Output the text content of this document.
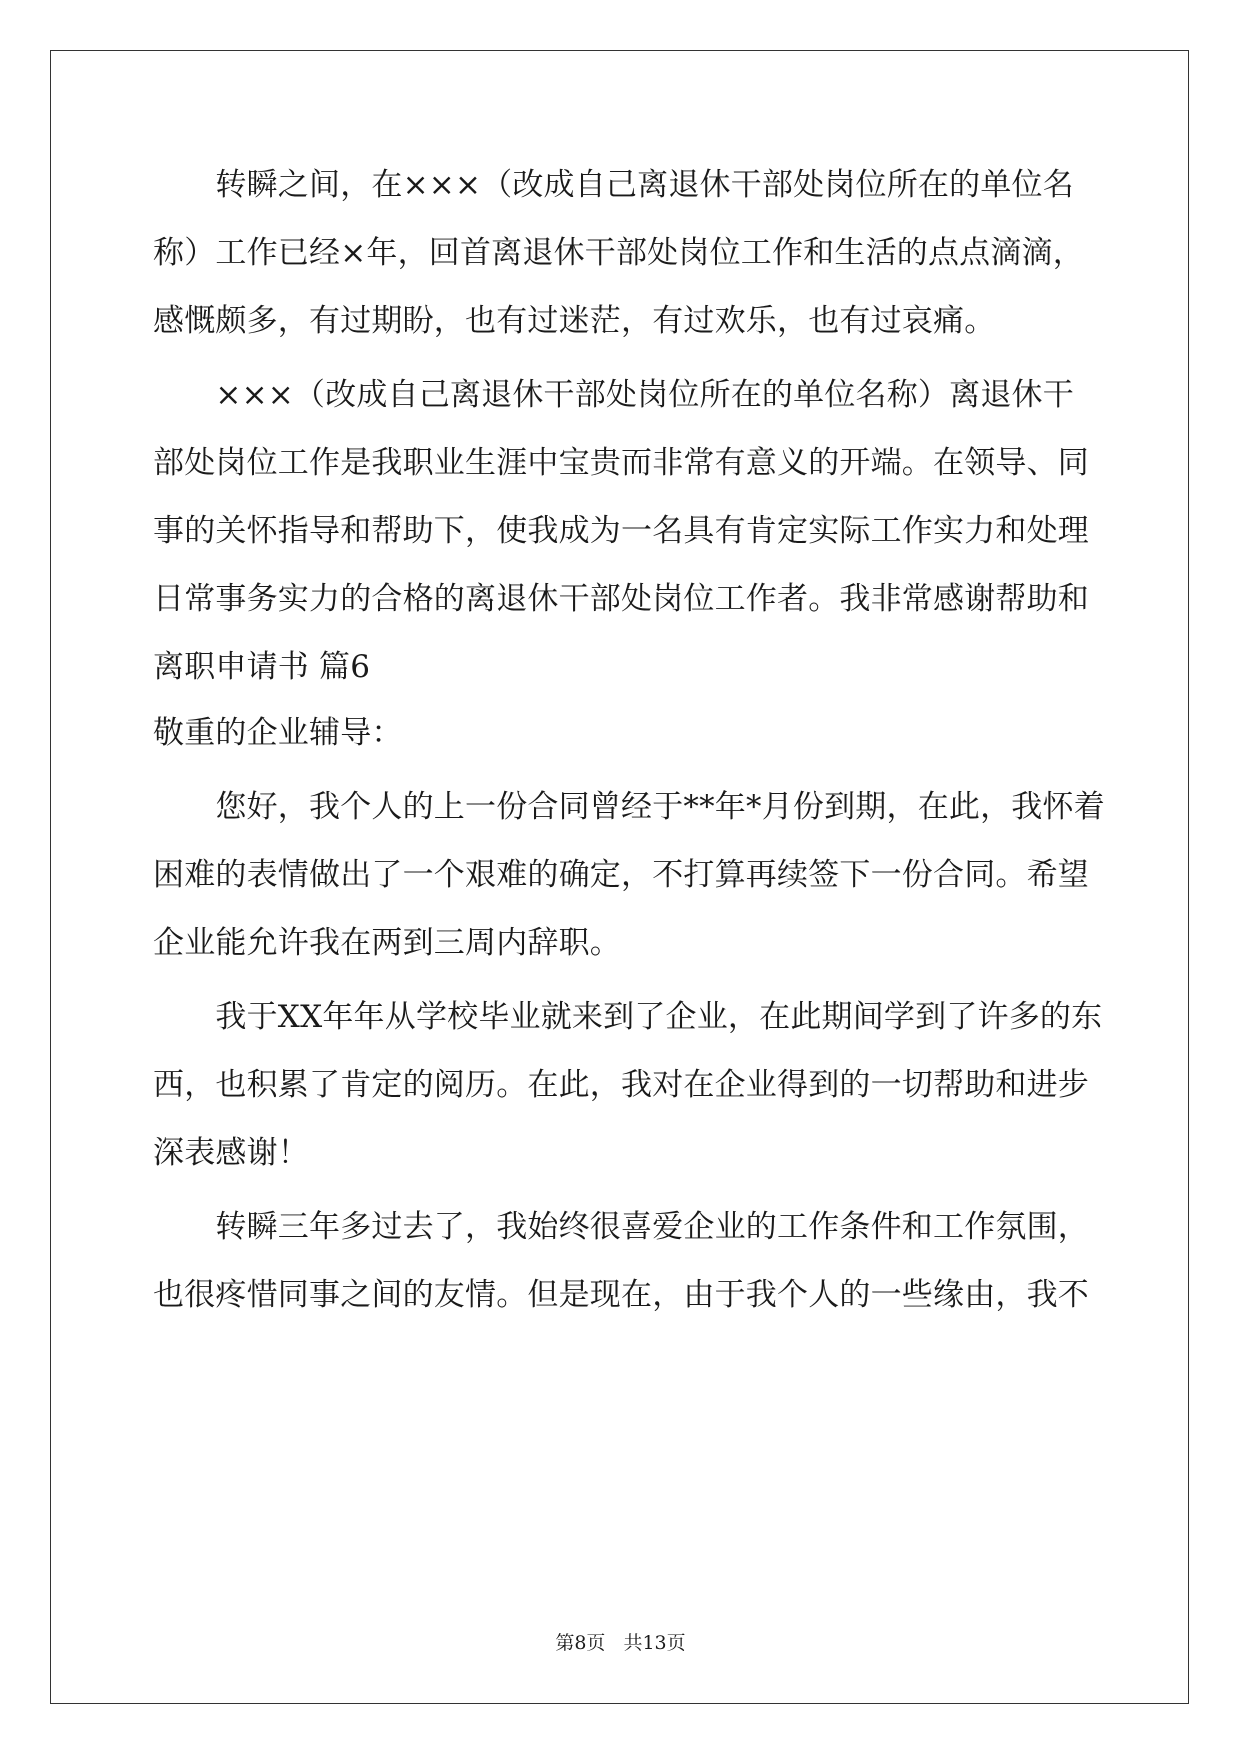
　　转瞬之间，在×××（改成自己离退休干部处岗位所在的单位名
称）工作已经×年，回首离退休干部处岗位工作和生活的点点滴滴，
感慨颇多，有过期盼，也有过迷茫，有过欢乐，也有过哀痛。
　　×××（改成自己离退休干部处岗位所在的单位名称）离退休干
部处岗位工作是我职业生涯中宝贵而非常有意义的开端。在领导、同
事的关怀指导和帮助下，使我成为一名具有肯定实际工作实力和处理
日常事务实力的合格的离退休干部处岗位工作者。我非常感谢帮助和
离职申请书 篇6
敬重的企业辅导：
　　您好，我个人的上一份合同曾经于**年*月份到期，在此，我怀着
困难的表情做出了一个艰难的确定，不打算再续签下一份合同。希望
企业能允许我在两到三周内辞职。
　　我于XX年年从学校毕业就来到了企业，在此期间学到了许多的东
西，也积累了肯定的阅历。在此，我对在企业得到的一切帮助和进步
深表感谢！
　　转瞬三年多过去了，我始终很喜爱企业的工作条件和工作氛围，
也很疼惜同事之间的友情。但是现在，由于我个人的一些缘由，我不
第8页 共13页
